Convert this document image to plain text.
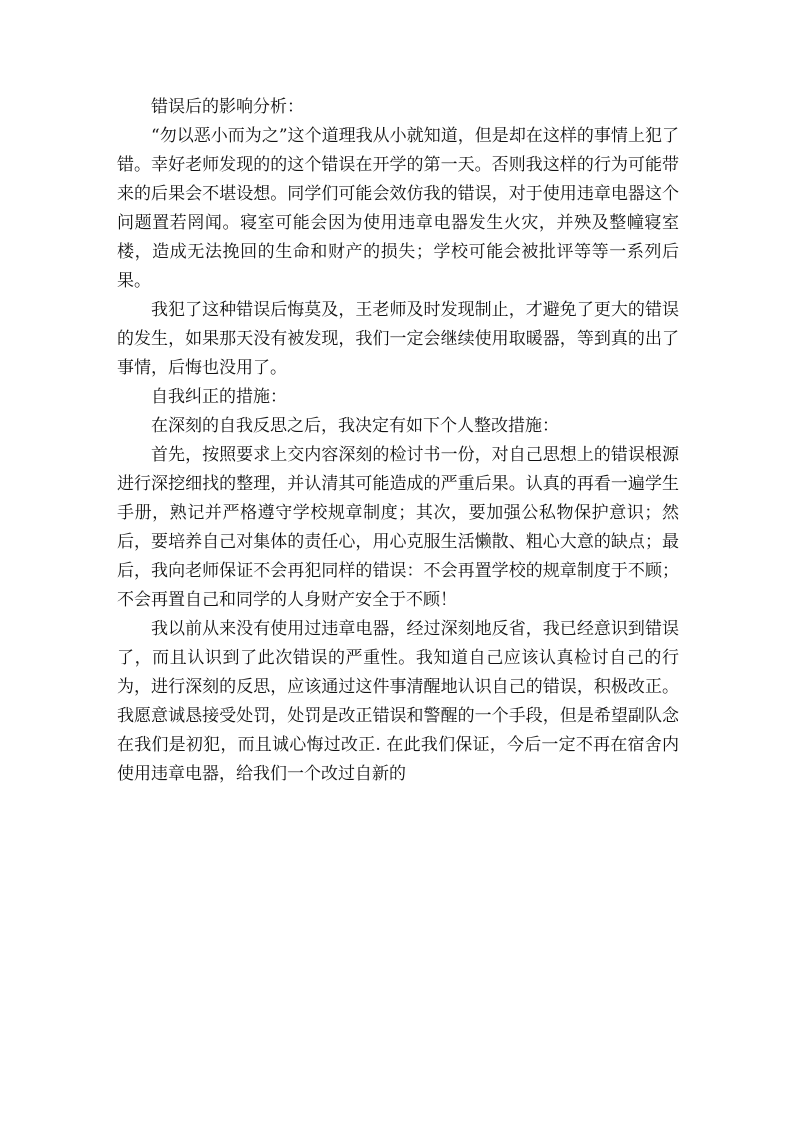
错误后的影响分析：

“勿以恶小而为之”这个道理我从小就知道，但是却在这样的事情上犯了错。幸好老师发现的的这个错误在开学的第一天。否则我这样的行为可能带来的后果会不堪设想。同学们可能会效仿我的错误，对于使用违章电器这个问题置若罔闻。寝室可能会因为使用违章电器发生火灾，并殃及整幢寝室楼，造成无法挽回的生命和财产的损失；学校可能会被批评等等一系列后果。

我犯了这种错误后悔莫及，王老师及时发现制止，才避免了更大的错误的发生，如果那天没有被发现，我们一定会继续使用取暖器，等到真的出了事情，后悔也没用了。

自我纠正的措施：

在深刻的自我反思之后，我决定有如下个人整改措施：

首先，按照要求上交内容深刻的检讨书一份，对自己思想上的错误根源进行深挖细找的整理，并认清其可能造成的严重后果。认真的再看一遍学生手册，熟记并严格遵守学校规章制度；其次，要加强公私物保护意识；然后，要培养自己对集体的责任心，用心克服生活懒散、粗心大意的缺点；最后，我向老师保证不会再犯同样的错误：不会再置学校的规章制度于不顾；不会再置自己和同学的人身财产安全于不顾！

我以前从来没有使用过违章电器，经过深刻地反省，我已经意识到错误了，而且认识到了此次错误的严重性。我知道自己应该认真检讨自己的行为，进行深刻的反思，应该通过这件事清醒地认识自己的错误，积极改正。我愿意诚恳接受处罚，处罚是改正错误和警醒的一个手段，但是希望副队念在我们是初犯，而且诚心悔过改正. 在此我们保证，今后一定不再在宿舍内使用违章电器，给我们一个改过自新的
